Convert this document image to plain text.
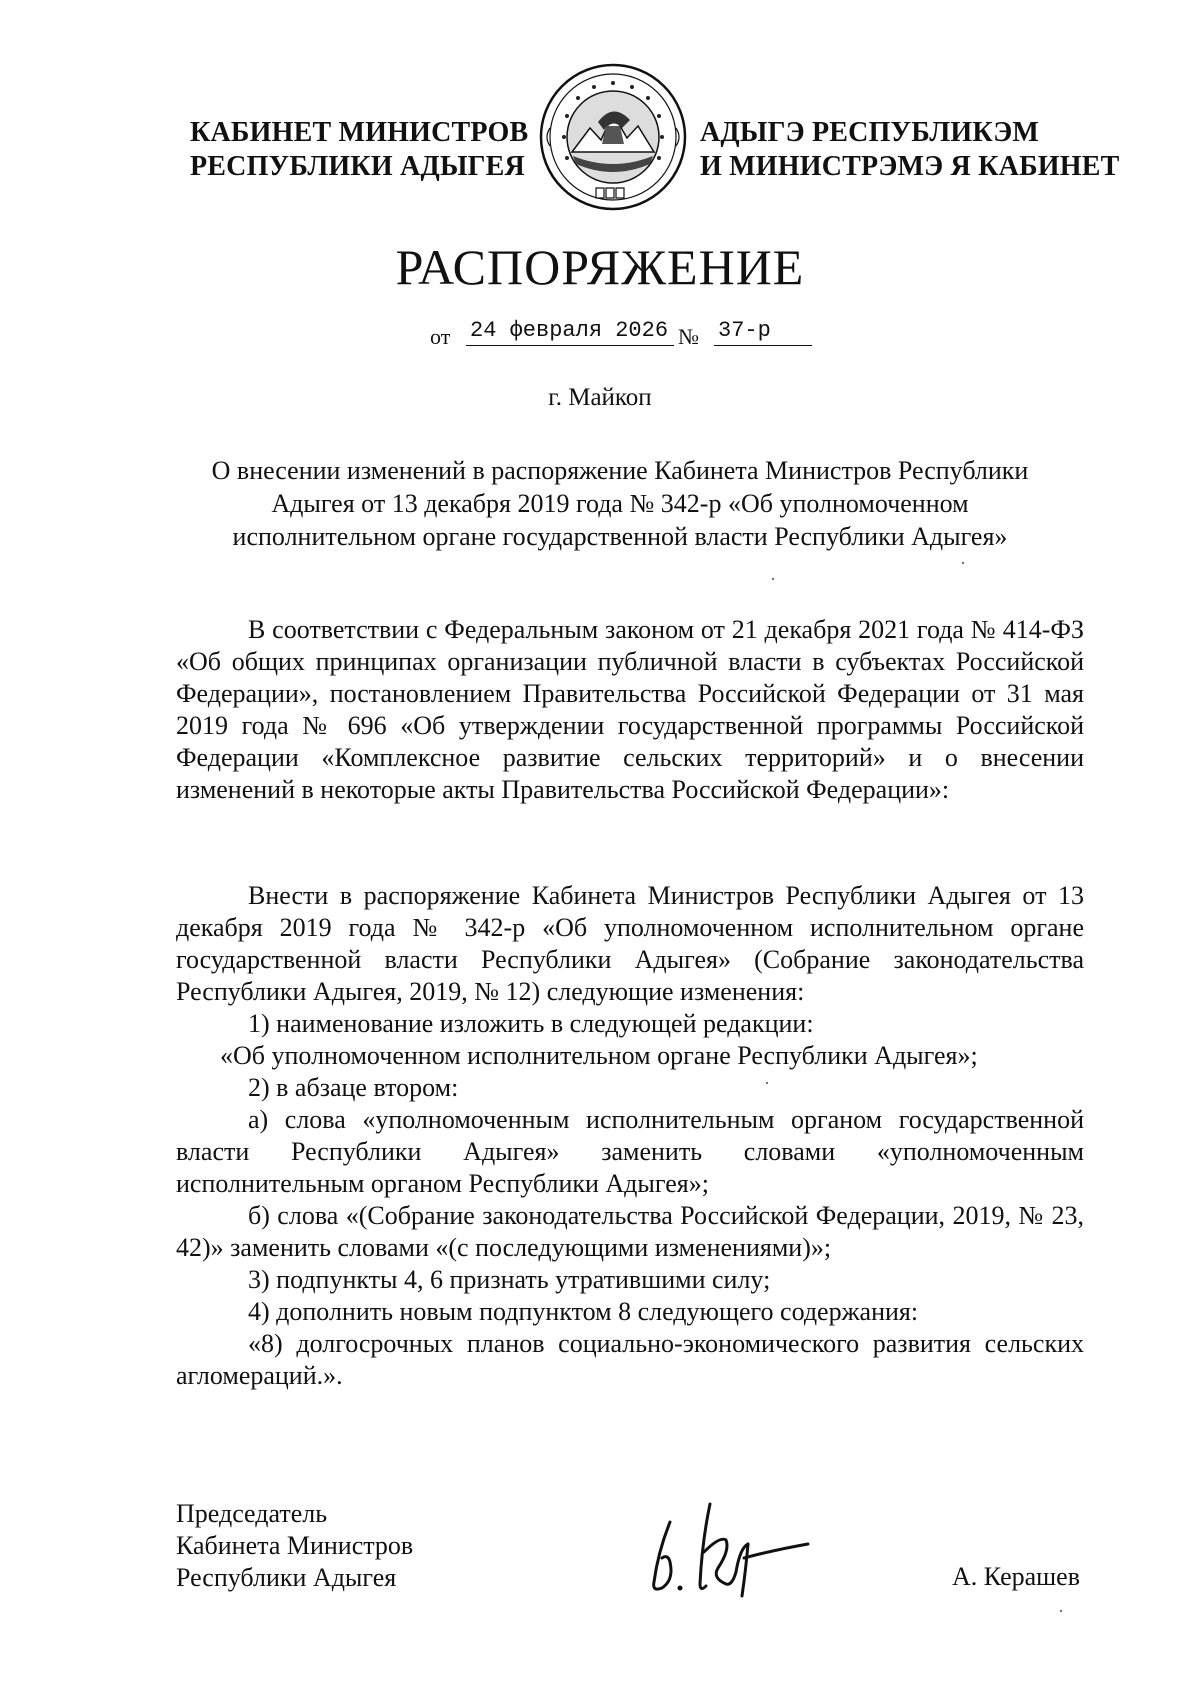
КАБИНЕТ МИНИСТРОВ
РЕСПУБЛИКИ АДЫГЕЯ
АДЫГЭ РЕСПУБЛИКЭМ
И МИНИСТРЭМЭ Я КАБИНЕТ
РАСПОРЯЖЕНИЕ
от 24 февраля 2026 № 37-р
г. Майкоп
О внесении изменений в распоряжение Кабинета Министров Республики
Адыгея от 13 декабря 2019 года № 342-р «Об уполномоченном
исполнительном органе государственной власти Республики Адыгея»
В соответствии с Федеральным законом от 21 декабря 2021 года № 414-ФЗ «Об общих принципах организации публичной власти в субъектах Российской Федерации», постановлением Правительства Российской Федерации от 31 мая 2019 года № 696 «Об утверждении государственной программы Российской Федерации «Комплексное развитие сельских территорий» и о внесении изменений в некоторые акты Правительства Российской Федерации»:
Внести в распоряжение Кабинета Министров Республики Адыгея от 13 декабря 2019 года № 342-р «Об уполномоченном исполнительном органе государственной власти Республики Адыгея» (Собрание законодательства Республики Адыгея, 2019, № 12) следующие изменения:
1) наименование изложить в следующей редакции:
«Об уполномоченном исполнительном органе Республики Адыгея»;
2) в абзаце втором:
а) слова «уполномоченным исполнительным органом государственной власти Республики Адыгея» заменить словами «уполномоченным исполнительным органом Республики Адыгея»;
б) слова «(Собрание законодательства Российской Федерации, 2019, № 23, 42)» заменить словами «(с последующими изменениями)»;
3) подпункты 4, 6 признать утратившими силу;
4) дополнить новым подпунктом 8 следующего содержания:
«8) долгосрочных планов социально-экономического развития сельских агломераций.».
Председатель
Кабинета Министров
Республики Адыгея	А. Керашев
